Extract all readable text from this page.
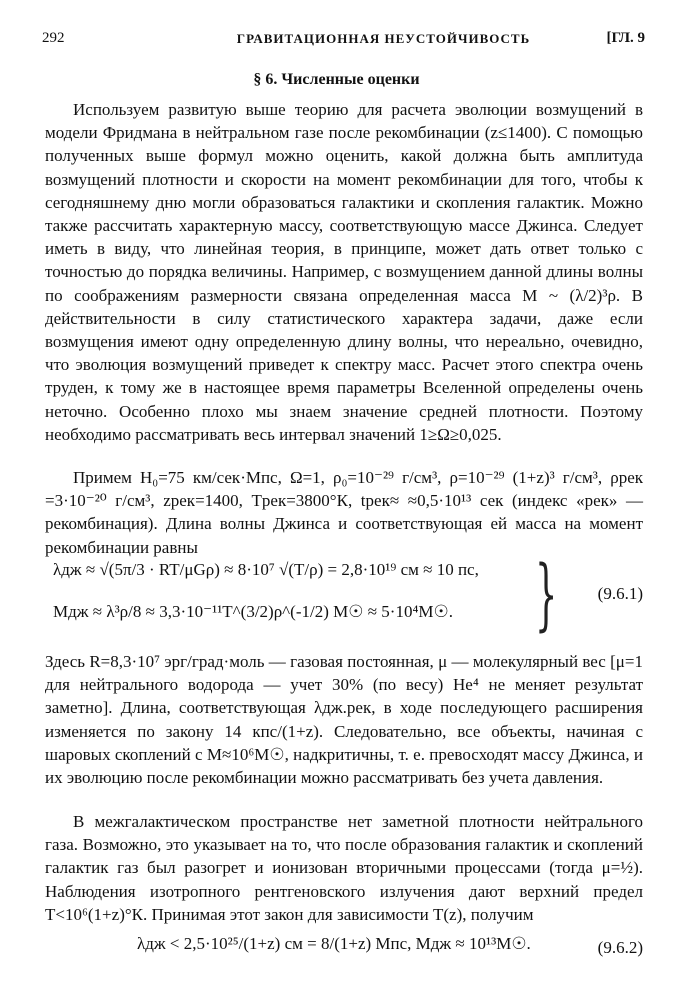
292	ГРАВИТАЦИОННАЯ НЕУСТОЙЧИВОСТЬ	[ГЛ. 9
§ 6. Численные оценки

Используем развитую выше теорию для расчета эволюции возмущений в модели Фридмана в нейтральном газе после рекомбинации (z≤1400). С помощью полученных выше формул можно оценить, какой должна быть амплитуда возмущений плотности и скорости на момент рекомбинации для того, чтобы к сегодняшнему дню могли образоваться галактики и скопления галактик. Можно также рассчитать характерную массу, соответствующую массе Джинса. Следует иметь в виду, что линейная теория, в принципе, может дать ответ только с точностью до порядка величины. Например, с возмущением данной длины волны по соображениям размерности связана определенная масса M ~ (λ/2)³ρ. В действительности в силу статистического характера задачи, даже если возмущения имеют одну определенную длину волны, что нереально, очевидно, что эволюция возмущений приведет к спектру масс. Расчет этого спектра очень труден, к тому же в настоящее время параметры Вселенной определены очень неточно. Особенно плохо мы знаем значение средней плотности. Поэтому необходимо рассматривать весь интервал значений 1≥Ω≥0,025.

Примем H₀=75 км/сек·Мпс, Ω=1, ρ₀=10⁻²⁹ г/см³, ρ=10⁻²⁹ (1+z)³ г/см³, ρрек =3·10⁻²⁰ г/см³, zрек=1400, Tрек=3800°К, tрек≈ ≈0,5·10¹³ сек (индекс «рек» — рекомбинация). Длина волны Джинса и соответствующая ей масса на момент рекомбинации равны

λдж ≈ √(5π/3 · RT/μGρ) ≈ 8·10⁷ √(T/ρ) = 2,8·10¹⁹ см ≈ 10 пс,
Mдж ≈ λ³ρ/8 ≈ 3,3·10⁻¹¹T^(3/2)ρ^(-1/2) M☉ ≈ 5·10⁴M☉. } (9.6.1)

Здесь R=8,3·10⁷ эрг/град·моль — газовая постоянная, μ — молекулярный вес [μ=1 для нейтрального водорода — учет 30% (по весу) He⁴ не меняет результат заметно]. Длина, соответствующая λдж.рек, в ходе последующего расширения изменяется по закону 14 кпс/(1+z). Следовательно, все объекты, начиная с шаровых скоплений с M≈10⁶M☉, надкритичны, т. е. превосходят массу Джинса, и их эволюцию после рекомбинации можно рассматривать без учета давления.

В межгалактическом пространстве нет заметной плотности нейтрального газа. Возможно, это указывает на то, что после образования галактик и скоплений галактик газ был разогрет и ионизован вторичными процессами (тогда μ=½). Наблюдения изотропного рентгеновского излучения дают верхний предел T<10⁶(1+z)°К. Принимая этот закон для зависимости T(z), получим

λдж < 2,5·10²⁵/(1+z) см = 8/(1+z) Мпс, Mдж ≈ 10¹³M☉.	(9.6.2)
